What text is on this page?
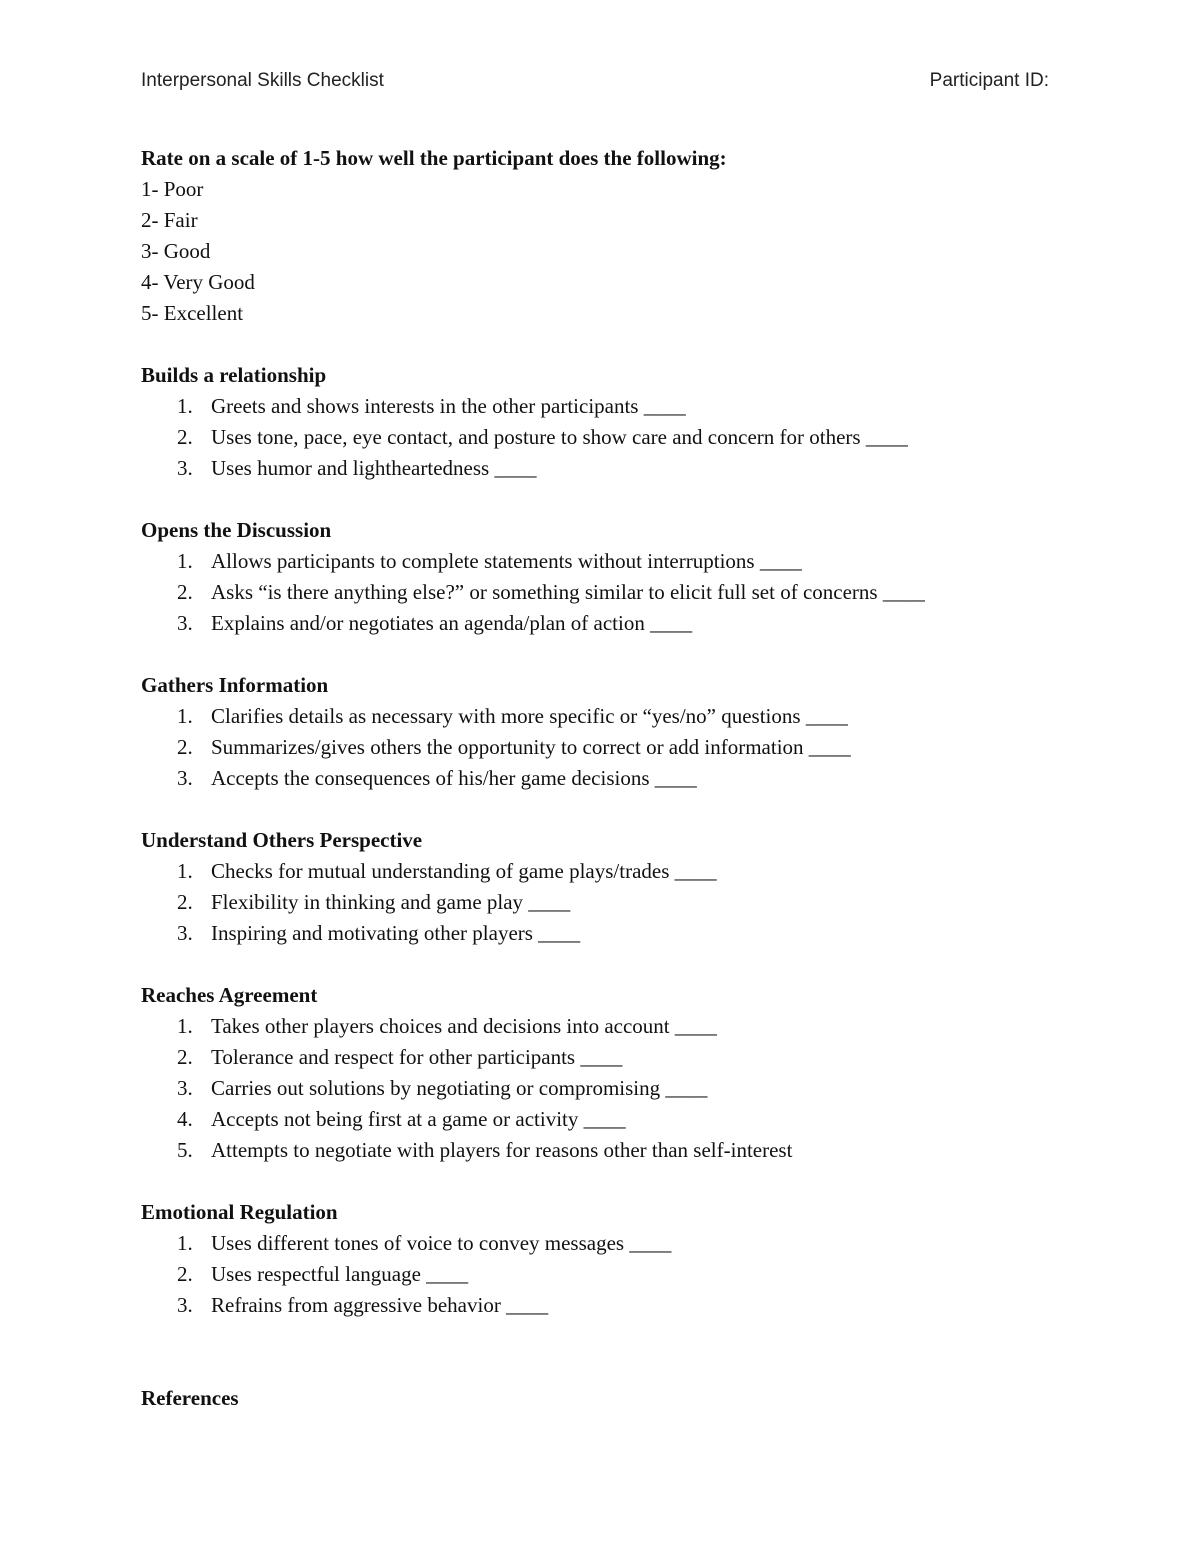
Interpersonal Skills Checklist	Participant ID:

Rate on a scale of 1-5 how well the participant does the following:

1- Poor

2- Fair

3- Good

4- Very Good

5- Excellent

Builds a relationship

1. Greets and shows interests in the other participants ____
2. Uses tone, pace, eye contact, and posture to show care and concern for others ____
3. Uses humor and lightheartedness ____

Opens the Discussion

1. Allows participants to complete statements without interruptions ____
2. Asks “is there anything else?” or something similar to elicit full set of concerns ____
3. Explains and/or negotiates an agenda/plan of action ____

Gathers Information

1. Clarifies details as necessary with more specific or “yes/no” questions ____
2. Summarizes/gives others the opportunity to correct or add information ____
3. Accepts the consequences of his/her game decisions ____

Understand Others Perspective

1. Checks for mutual understanding of game plays/trades ____
2. Flexibility in thinking and game play ____
3. Inspiring and motivating other players ____

Reaches Agreement

1. Takes other players choices and decisions into account ____
2. Tolerance and respect for other participants ____
3. Carries out solutions by negotiating or compromising ____
4. Accepts not being first at a game or activity ____
5. Attempts to negotiate with players for reasons other than self-interest

Emotional Regulation

1. Uses different tones of voice to convey messages ____
2. Uses respectful language ____
3. Refrains from aggressive behavior ____

References
